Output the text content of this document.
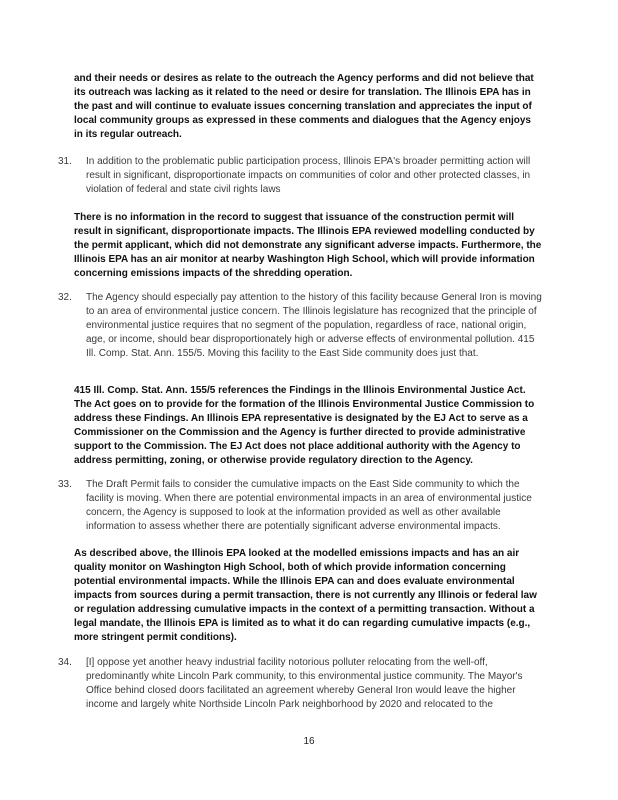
and their needs or desires as relate to the outreach the Agency performs and did not believe that its outreach was lacking as it related to the need or desire for translation. The Illinois EPA has in the past and will continue to evaluate issues concerning translation and appreciates the input of local community groups as expressed in these comments and dialogues that the Agency enjoys in its regular outreach.

31. In addition to the problematic public participation process, Illinois EPA's broader permitting action will result in significant, disproportionate impacts on communities of color and other protected classes, in violation of federal and state civil rights laws

There is no information in the record to suggest that issuance of the construction permit will result in significant, disproportionate impacts. The Illinois EPA reviewed modelling conducted by the permit applicant, which did not demonstrate any significant adverse impacts. Furthermore, the Illinois EPA has an air monitor at nearby Washington High School, which will provide information concerning emissions impacts of the shredding operation.

32. The Agency should especially pay attention to the history of this facility because General Iron is moving to an area of environmental justice concern. The Illinois legislature has recognized that the principle of environmental justice requires that no segment of the population, regardless of race, national origin, age, or income, should bear disproportionately high or adverse effects of environmental pollution. 415 Ill. Comp. Stat. Ann. 155/5. Moving this facility to the East Side community does just that.

415 Ill. Comp. Stat. Ann. 155/5 references the Findings in the Illinois Environmental Justice Act. The Act goes on to provide for the formation of the Illinois Environmental Justice Commission to address these Findings. An Illinois EPA representative is designated by the EJ Act to serve as a Commissioner on the Commission and the Agency is further directed to provide administrative support to the Commission. The EJ Act does not place additional authority with the Agency to address permitting, zoning, or otherwise provide regulatory direction to the Agency.

33. The Draft Permit fails to consider the cumulative impacts on the East Side community to which the facility is moving. When there are potential environmental impacts in an area of environmental justice concern, the Agency is supposed to look at the information provided as well as other available information to assess whether there are potentially significant adverse environmental impacts.

As described above, the Illinois EPA looked at the modelled emissions impacts and has an air quality monitor on Washington High School, both of which provide information concerning potential environmental impacts. While the Illinois EPA can and does evaluate environmental impacts from sources during a permit transaction, there is not currently any Illinois or federal law or regulation addressing cumulative impacts in the context of a permitting transaction. Without a legal mandate, the Illinois EPA is limited as to what it do can regarding cumulative impacts (e.g., more stringent permit conditions).

34. [I] oppose yet another heavy industrial facility notorious polluter relocating from the well-off, predominantly white Lincoln Park community, to this environmental justice community. The Mayor's Office behind closed doors facilitated an agreement whereby General Iron would leave the higher income and largely white Northside Lincoln Park neighborhood by 2020 and relocated to the

16
